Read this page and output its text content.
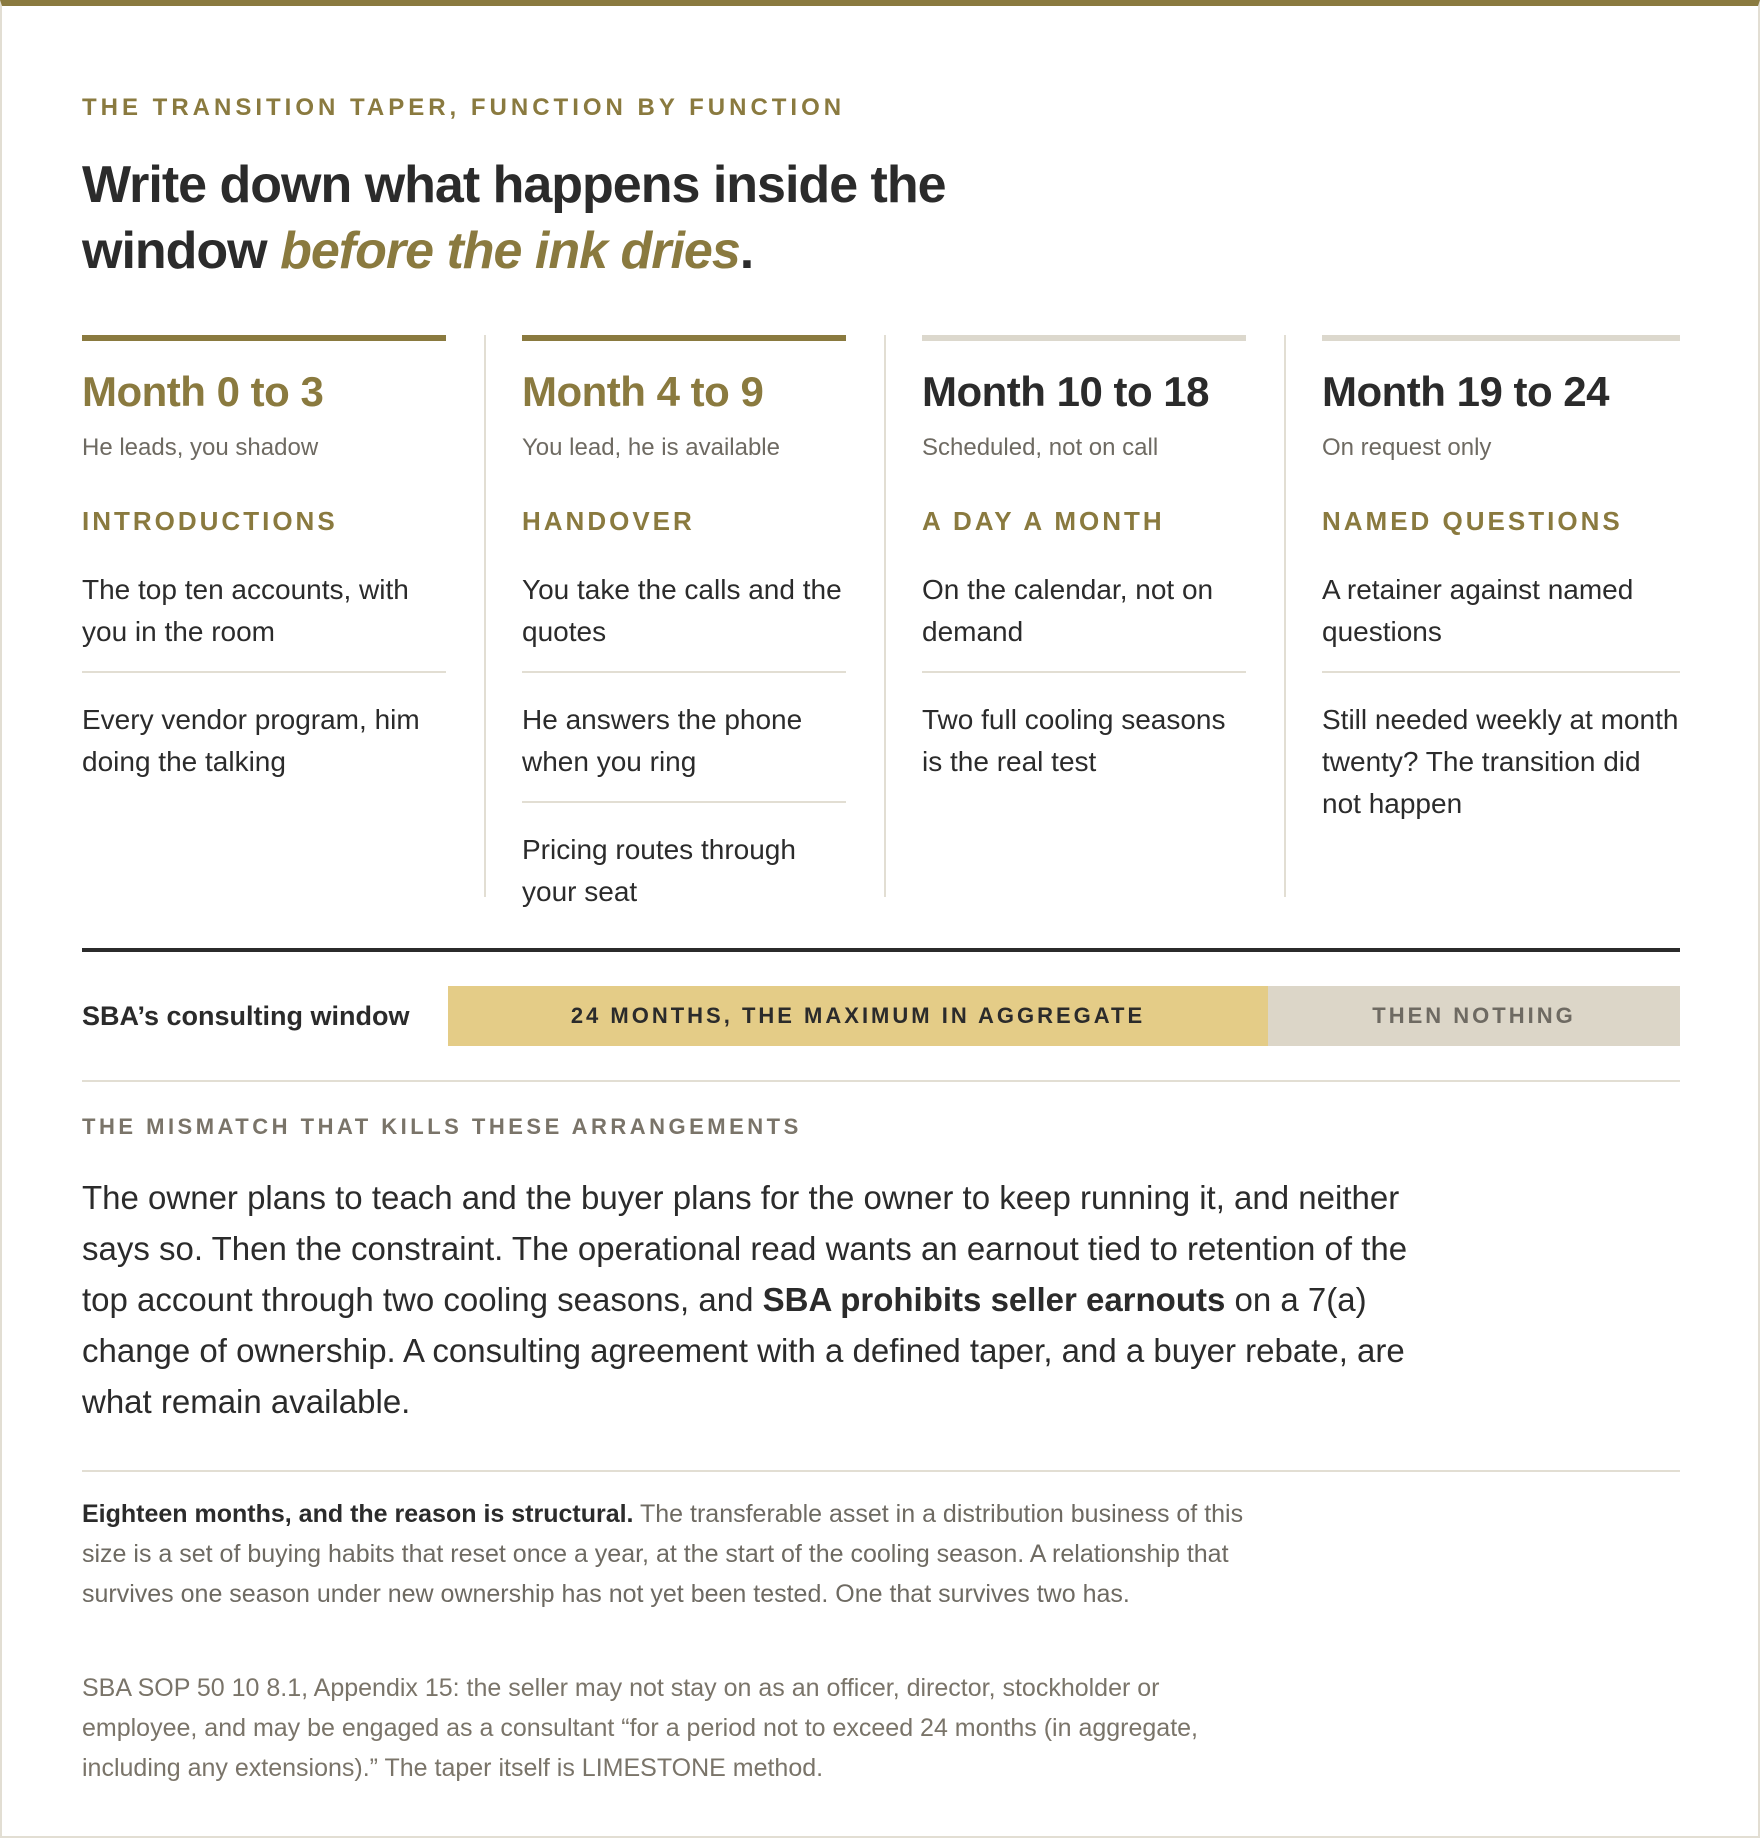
THE TRANSITION TAPER, FUNCTION BY FUNCTION
Write down what happens inside the window before the ink dries.
Month 0 to 3
He leads, you shadow
INTRODUCTIONS
The top ten accounts, with you in the room
Every vendor program, him doing the talking
Month 4 to 9
You lead, he is available
HANDOVER
You take the calls and the quotes
He answers the phone when you ring
Pricing routes through your seat
Month 10 to 18
Scheduled, not on call
A DAY A MONTH
On the calendar, not on demand
Two full cooling seasons is the real test
Month 19 to 24
On request only
NAMED QUESTIONS
A retainer against named questions
Still needed weekly at month twenty? The transition did not happen
SBA’s consulting window	24 MONTHS, THE MAXIMUM IN AGGREGATE	THEN NOTHING
THE MISMATCH THAT KILLS THESE ARRANGEMENTS

The owner plans to teach and the buyer plans for the owner to keep running it, and neither says so. Then the constraint. The operational read wants an earnout tied to retention of the top account through two cooling seasons, and SBA prohibits seller earnouts on a 7(a) change of ownership. A consulting agreement with a defined taper, and a buyer rebate, are what remain available.

Eighteen months, and the reason is structural. The transferable asset in a distribution business of this size is a set of buying habits that reset once a year, at the start of the cooling season. A relationship that survives one season under new ownership has not yet been tested. One that survives two has.

SBA SOP 50 10 8.1, Appendix 15: the seller may not stay on as an officer, director, stockholder or employee, and may be engaged as a consultant “for a period not to exceed 24 months (in aggregate, including any extensions).” The taper itself is LIMESTONE method.
